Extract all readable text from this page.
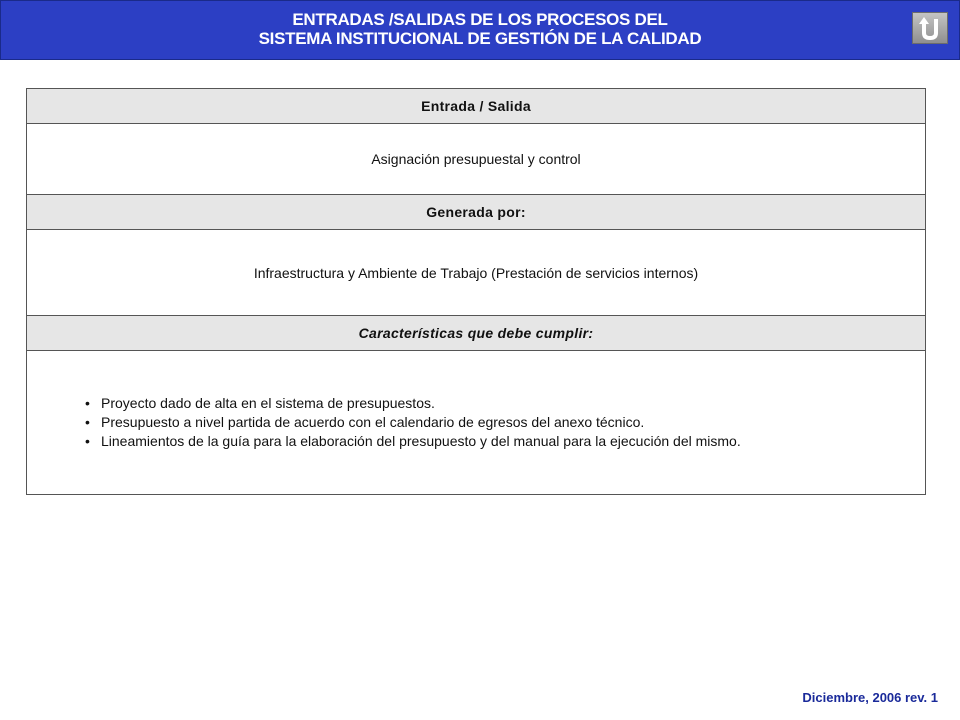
ENTRADAS /SALIDAS DE LOS PROCESOS DEL
SISTEMA INSTITUCIONAL DE GESTIÓN DE LA CALIDAD
Entrada / Salida
Asignación presupuestal y control
Generada por:
Infraestructura y Ambiente de Trabajo (Prestación de servicios internos)
Características que debe cumplir:
• Proyecto dado de alta en el sistema de presupuestos.
• Presupuesto a nivel partida de acuerdo con el calendario de egresos del anexo técnico.
• Lineamientos de la guía para la elaboración del presupuesto y del manual para la ejecución del mismo.
Diciembre, 2006 rev. 1
